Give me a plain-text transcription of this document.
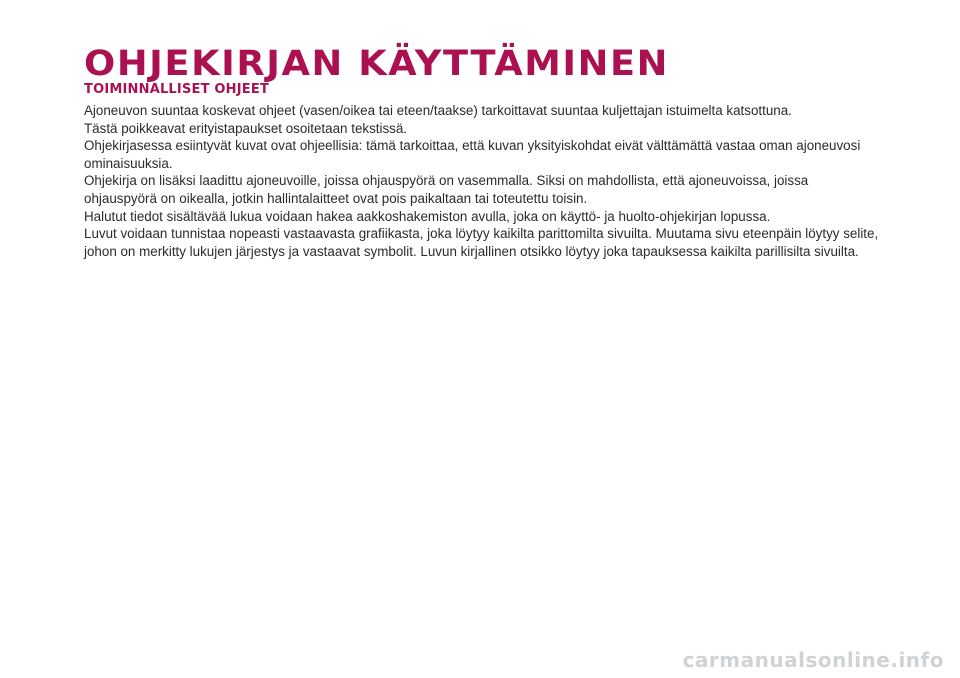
OHJEKIRJAN KÄYTTÄMINEN
TOIMINNALLISET OHJEET

Ajoneuvon suuntaa koskevat ohjeet (vasen/oikea tai eteen/taakse) tarkoittavat suuntaa kuljettajan istuimelta katsottuna.

Tästä poikkeavat erityistapaukset osoitetaan tekstissä.

Ohjekirjasessa esiintyvät kuvat ovat ohjeellisia: tämä tarkoittaa, että kuvan yksityiskohdat eivät välttämättä vastaa oman ajoneuvosi ominaisuuksia.

Ohjekirja on lisäksi laadittu ajoneuvoille, joissa ohjauspyörä on vasemmalla. Siksi on mahdollista, että ajoneuvoissa, joissa ohjauspyörä on oikealla, jotkin hallintalaitteet ovat pois paikaltaan tai toteutettu toisin.

Halutut tiedot sisältävää lukua voidaan hakea aakkoshakemiston avulla, joka on käyttö- ja huolto-ohjekirjan lopussa.

Luvut voidaan tunnistaa nopeasti vastaavasta grafiikasta, joka löytyy kaikilta parittomilta sivuilta. Muutama sivu eteenpäin löytyy selite, johon on merkitty lukujen järjestys ja vastaavat symbolit. Luvun kirjallinen otsikko löytyy joka tapauksessa kaikilta parillisilta sivuilta.

carmanualsonline.info
